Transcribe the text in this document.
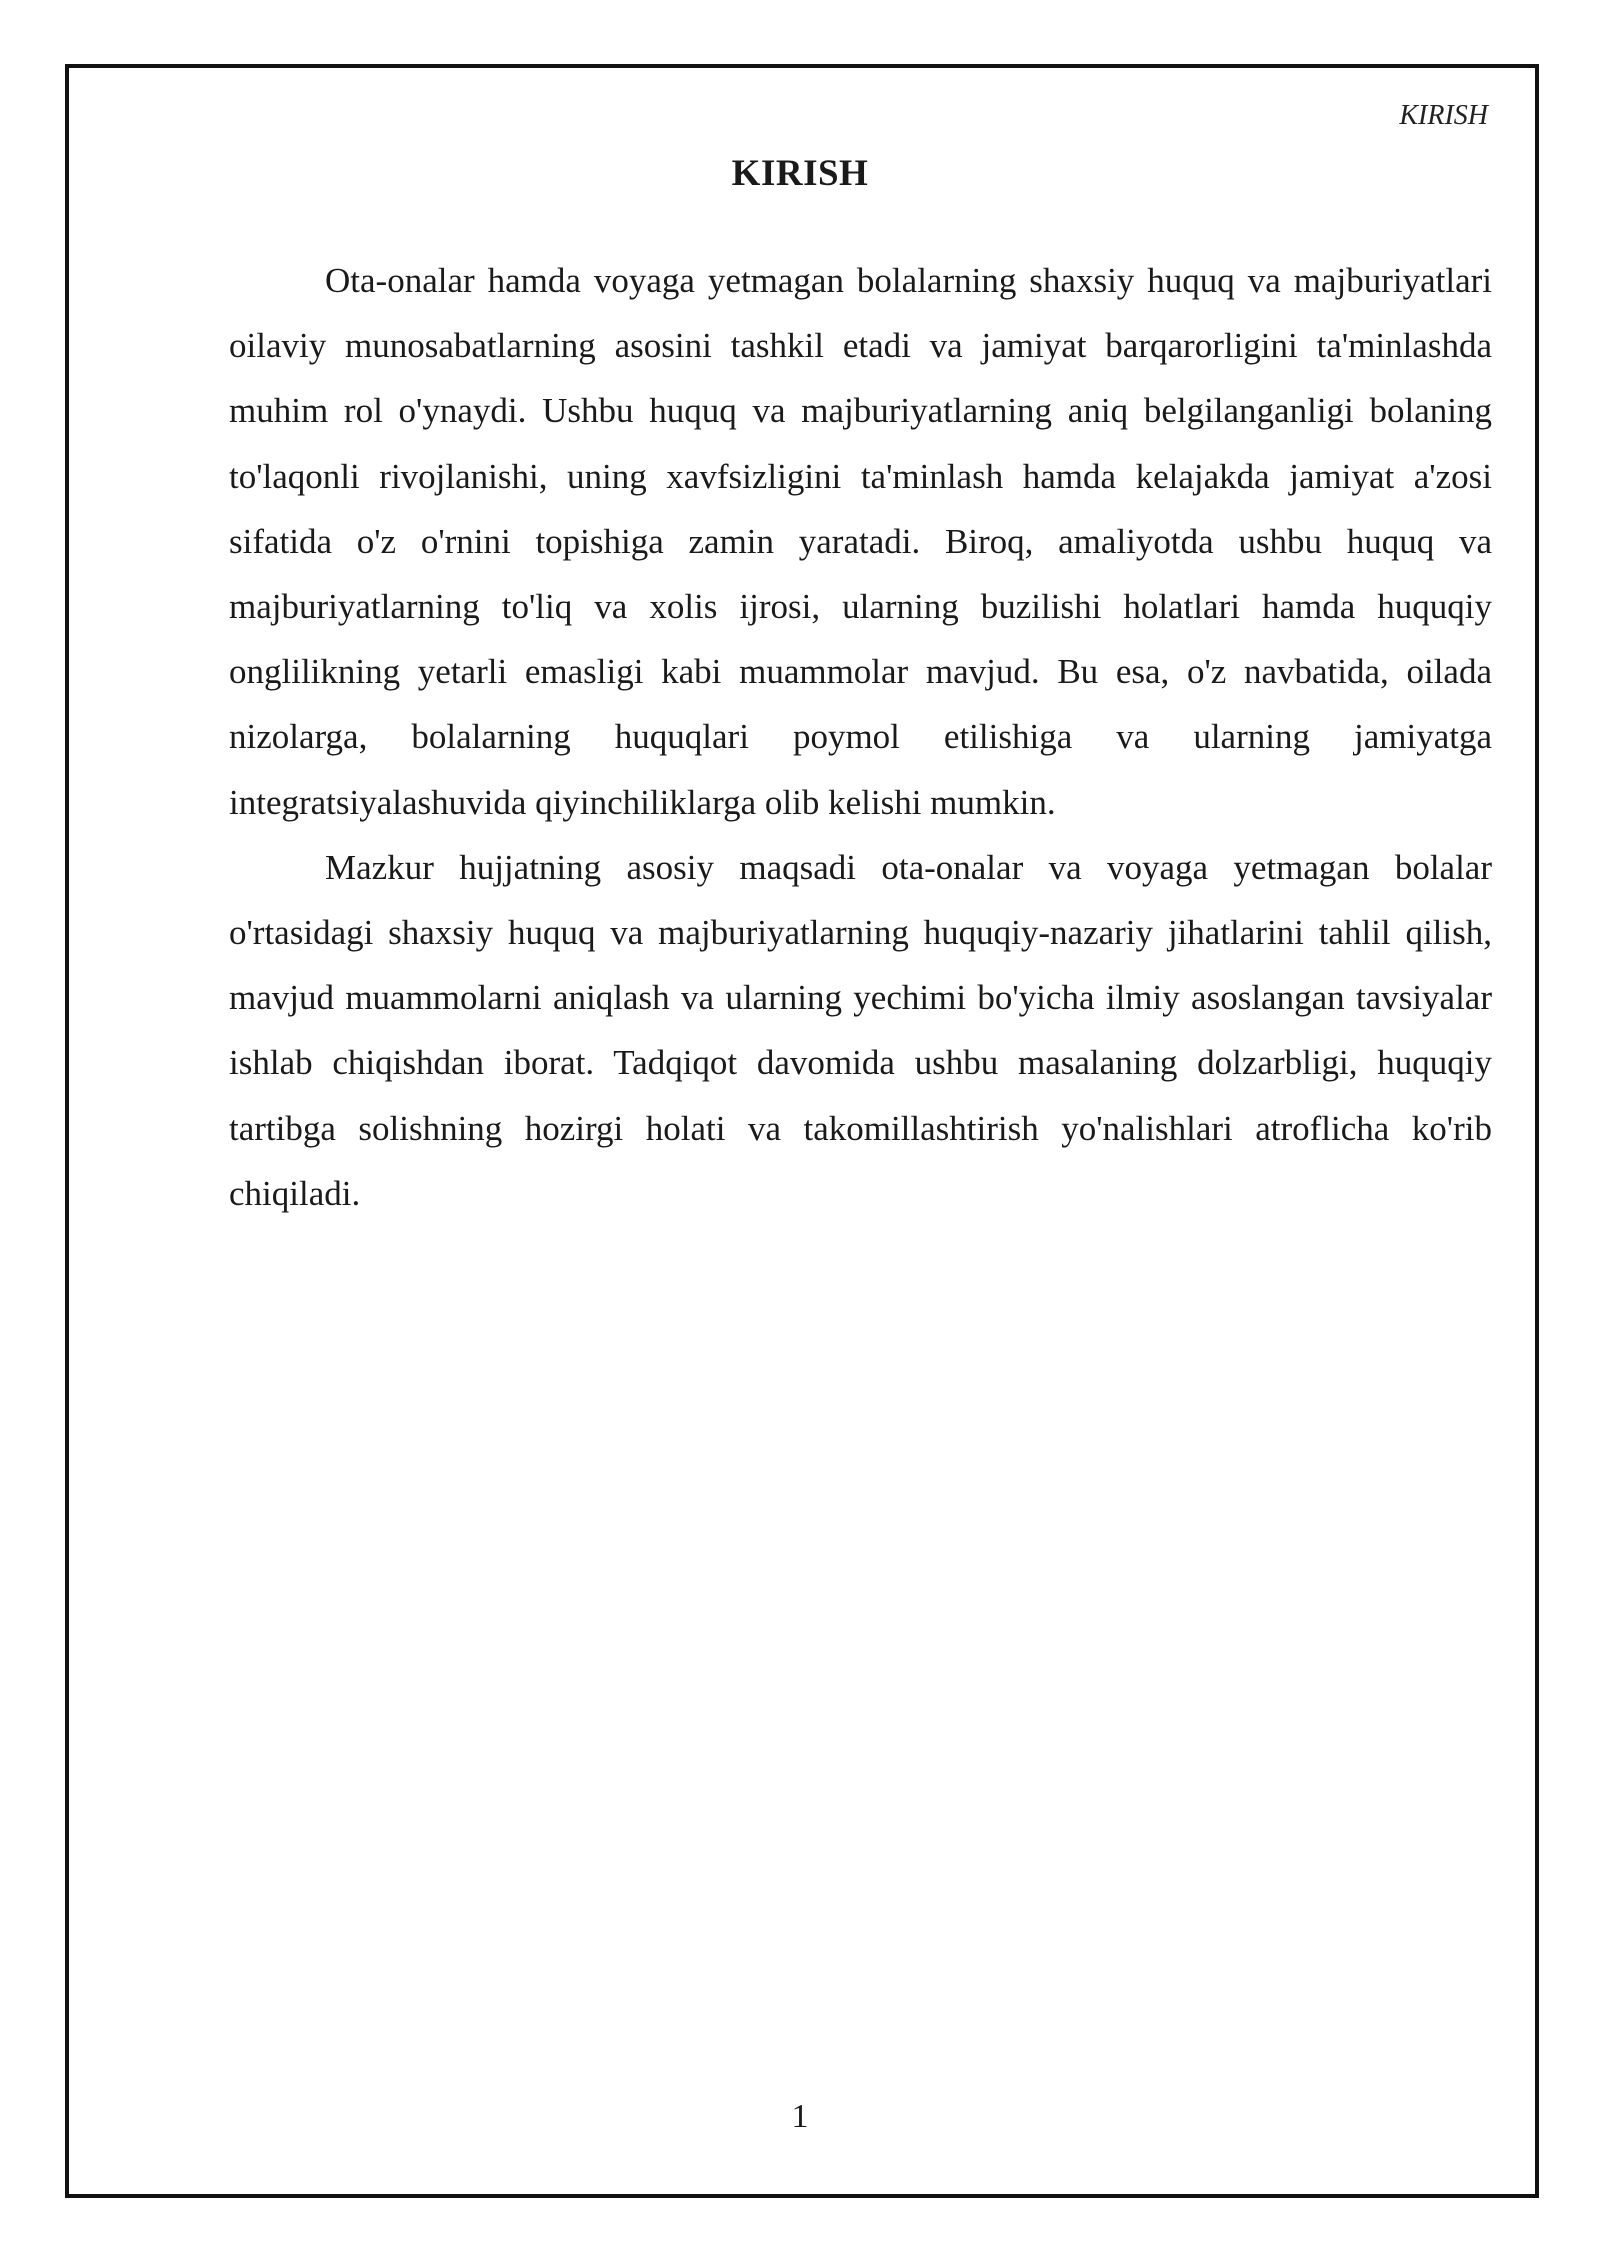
KIRISH
KIRISH

Ota-onalar hamda voyaga yetmagan bolalarning shaxsiy huquq va majburiyatlari oilaviy munosabatlarning asosini tashkil etadi va jamiyat barqarorligini ta'minlashda muhim rol o'ynaydi. Ushbu huquq va majburiyatlarning aniq belgilanganligi bolaning to'laqonli rivojlanishi, uning xavfsizligini ta'minlash hamda kelajakda jamiyat a'zosi sifatida o'z o'rnini topishiga zamin yaratadi. Biroq, amaliyotda ushbu huquq va majburiyatlarning to'liq va xolis ijrosi, ularning buzilishi holatlari hamda huquqiy onglilikning yetarli emasligi kabi muammolar mavjud. Bu esa, o'z navbatida, oilada nizolarga, bolalarning huquqlari poymol etilishiga va ularning jamiyatga integratsiyalashuvida qiyinchiliklarga olib kelishi mumkin.

Mazkur hujjatning asosiy maqsadi ota-onalar va voyaga yetmagan bolalar o'rtasidagi shaxsiy huquq va majburiyatlarning huquqiy-nazariy jihatlarini tahlil qilish, mavjud muammolarni aniqlash va ularning yechimi bo'yicha ilmiy asoslangan tavsiyalar ishlab chiqishdan iborat. Tadqiqot davomida ushbu masalaning dolzarbligi, huquqiy tartibga solishning hozirgi holati va takomillashtirish yo'nalishlari atroflicha ko'rib chiqiladi.

1
